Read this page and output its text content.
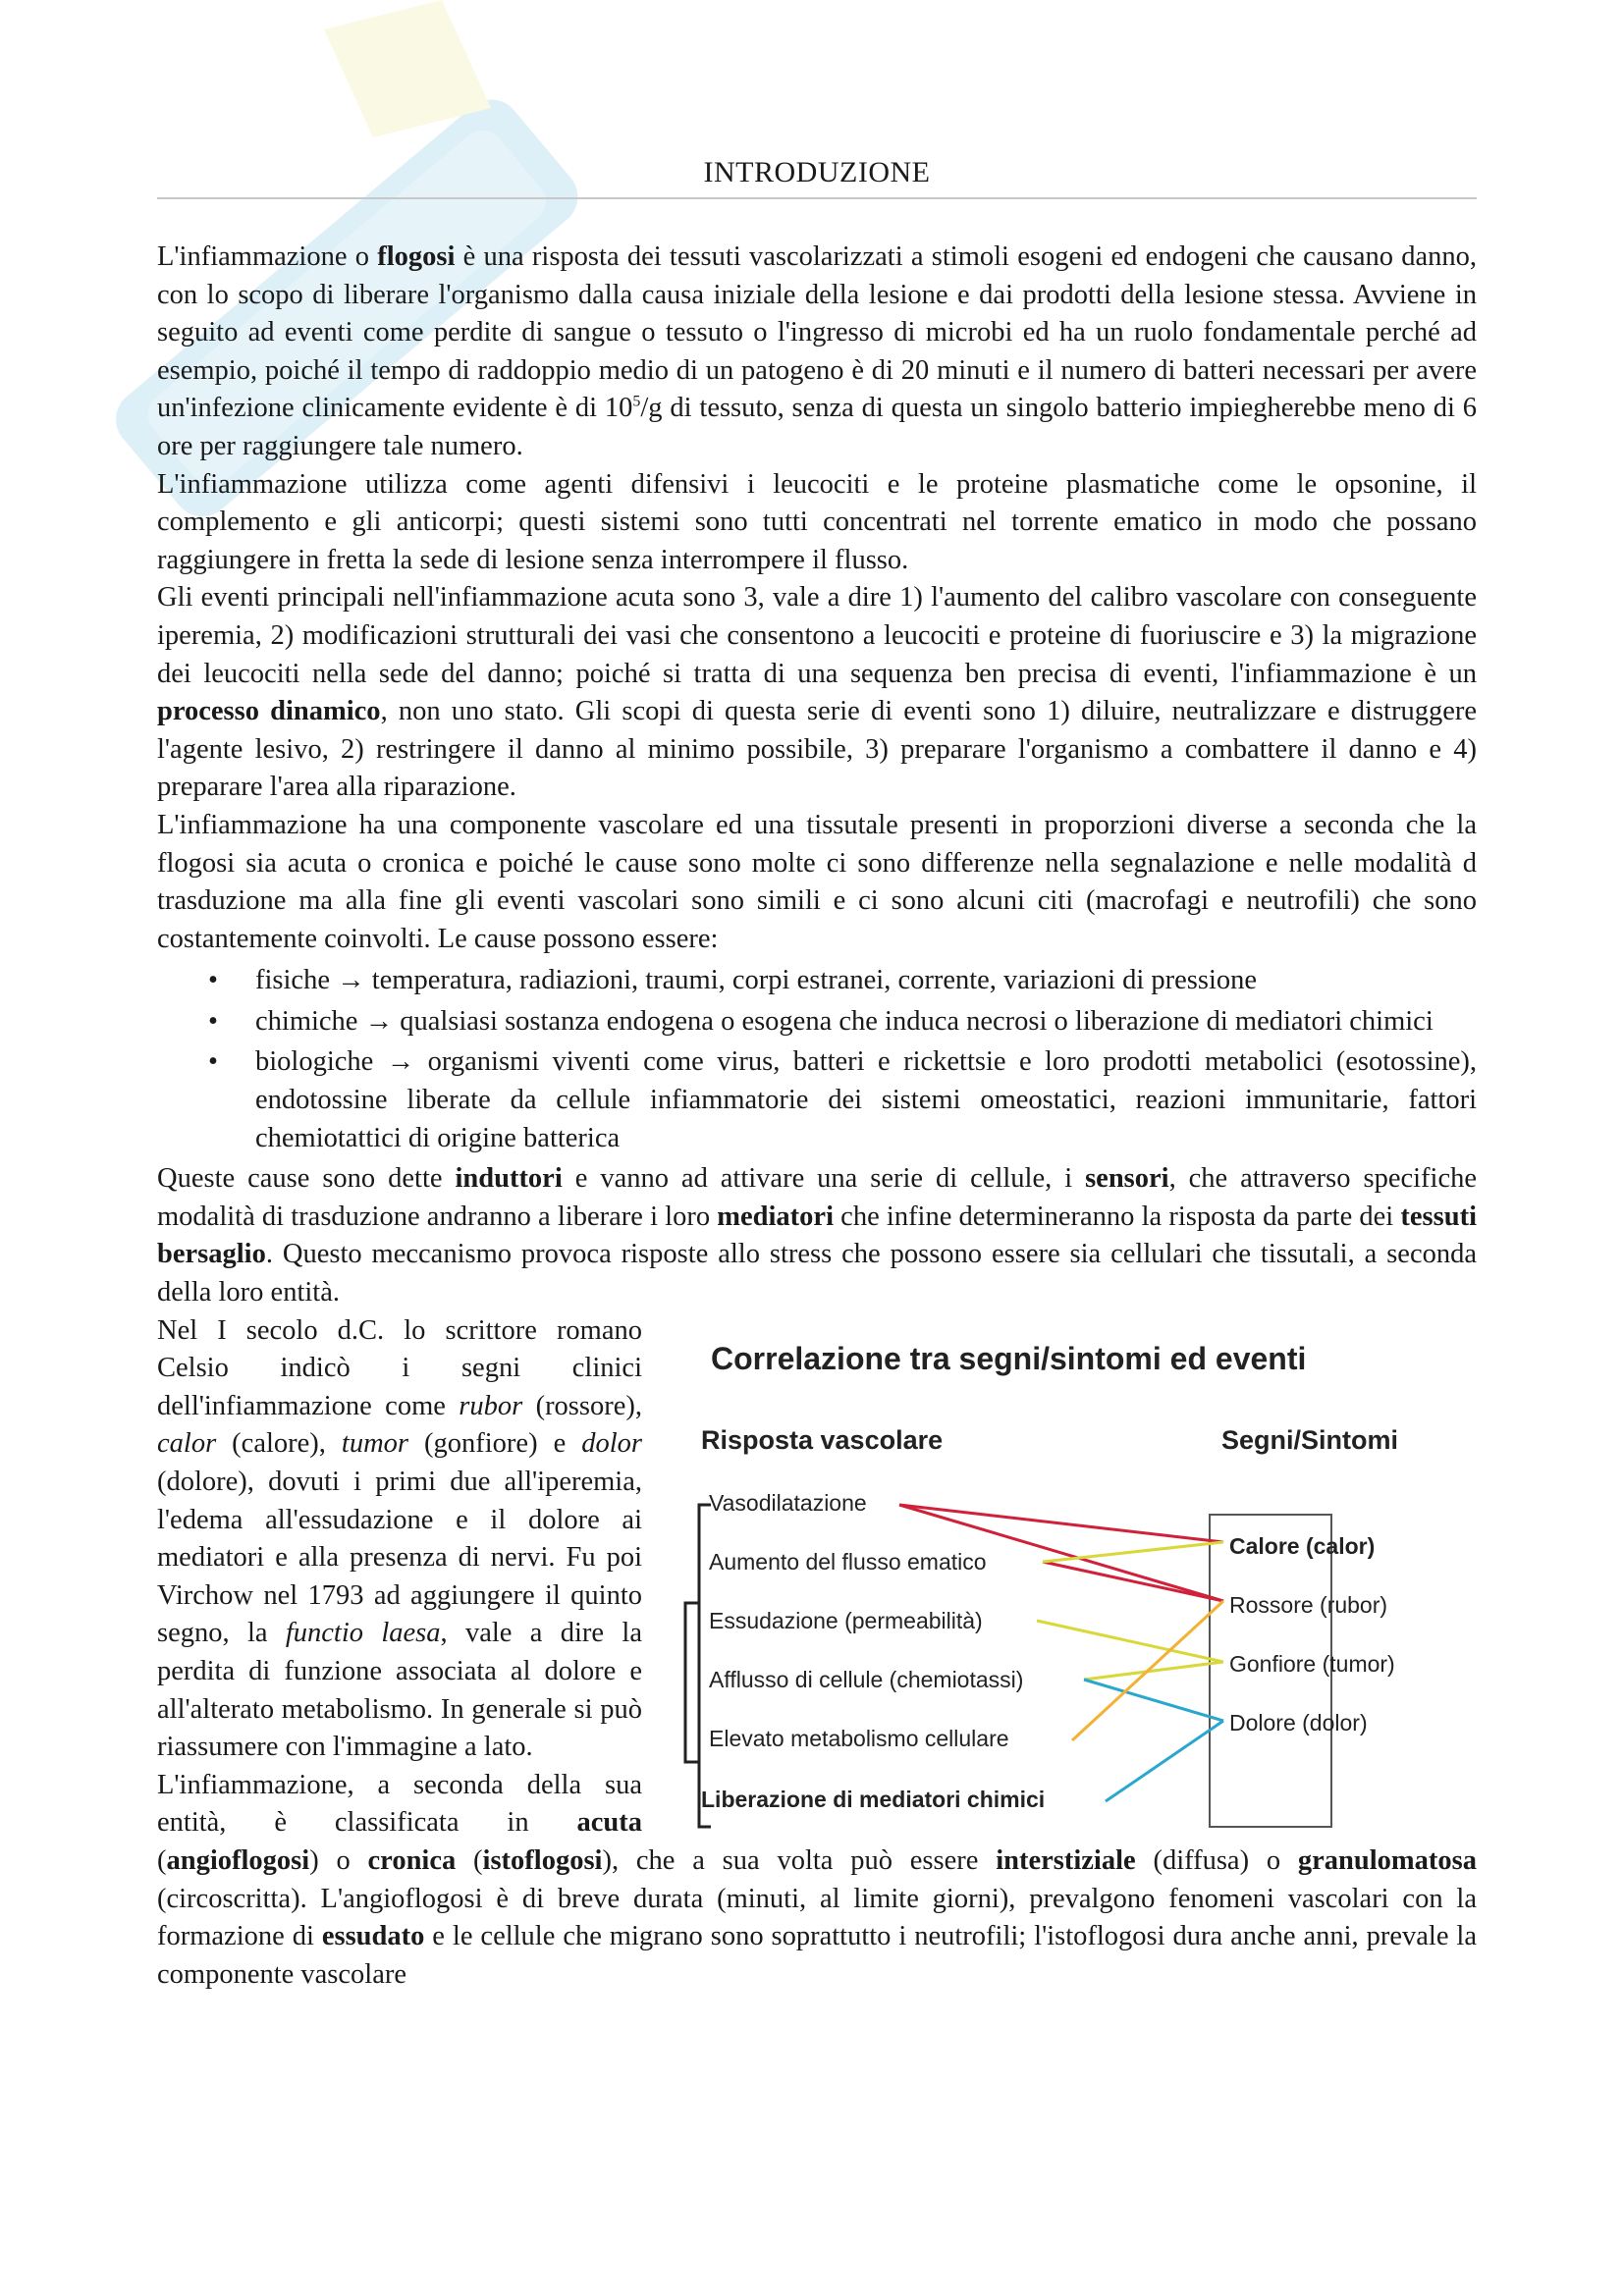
INTRODUZIONE

L'infiammazione o flogosi è una risposta dei tessuti vascolarizzati a stimoli esogeni ed endogeni che causano danno, con lo scopo di liberare l'organismo dalla causa iniziale della lesione e dai prodotti della lesione stessa. Avviene in seguito ad eventi come perdite di sangue o tessuto o l'ingresso di microbi ed ha un ruolo fondamentale perché ad esempio, poiché il tempo di raddoppio medio di un patogeno è di 20 minuti e il numero di batteri necessari per avere un'infezione clinicamente evidente è di $10^5/g$ di tessuto, senza di questa un singolo batterio impiegherebbe meno di 6 ore per raggiungere tale numero.

L'infiammazione utilizza come agenti difensivi i leucociti e le proteine plasmatiche come le opsonine, il complemento e gli anticorpi; questi sistemi sono tutti concentrati nel torrente ematico in modo che possano raggiungere in fretta la sede di lesione senza interrompere il flusso.

Gli eventi principali nell'infiammazione acuta sono 3, vale a dire 1) l'aumento del calibro vascolare con conseguente iperemia, 2) modificazioni strutturali dei vasi che consentono a leucociti e proteine di fuoriuscire e 3) la migrazione dei leucociti nella sede del danno; poiché si tratta di una sequenza ben precisa di eventi, l'infiammazione è un processo dinamico, non uno stato. Gli scopi di questa serie di eventi sono 1) diluire, neutralizzare e distruggere l'agente lesivo, 2) restringere il danno al minimo possibile, 3) preparare l'organismo a combattere il danno e 4) preparare l'area alla riparazione.

L'infiammazione ha una componente vascolare ed una tissutale presenti in proporzioni diverse a seconda che la flogosi sia acuta o cronica e poiché le cause sono molte ci sono differenze nella segnalazione e nelle modalità d trasduzione ma alla fine gli eventi vascolari sono simili e ci sono alcuni citi (macrofagi e neutrofili) che sono costantemente coinvolti. Le cause possono essere:

• fisiche → temperatura, radiazioni, traumi, corpi estranei, corrente, variazioni di pressione
• chimiche → qualsiasi sostanza endogena o esogena che induca necrosi o liberazione di mediatori chimici
• biologiche → organismi viventi come virus, batteri e rickettsie e loro prodotti metabolici (esotossine), endotossine liberate da cellule infiammatorie dei sistemi omeostatici, reazioni immunitarie, fattori chemiotattici di origine batterica

Queste cause sono dette induttori e vanno ad attivare una serie di cellule, i sensori, che attraverso specifiche modalità di trasduzione andranno a liberare i loro mediatori che infine determineranno la risposta da parte dei tessuti bersaglio. Questo meccanismo provoca risposte allo stress che possono essere sia cellulari che tissutali, a seconda della loro entità.

Correlazione tra segni/sintomi ed eventi
Risposta vascolare	Segni/Sintomi
Vasodilatazione
Aumento del flusso ematico
Essudazione (permeabilità)
Afflusso di cellule (chemiotassi)
Elevato metabolismo cellulare
Liberazione di mediatori chimici
Calore (calor)
Rossore (rubor)
Gonfiore (tumor)
Dolore (dolor)

Nel I secolo d.C. lo scrittore romano Celsio indicò i segni clinici dell'infiammazione come rubor (rossore), calor (calore), tumor (gonfiore) e dolor (dolore), dovuti i primi due all'iperemia, l'edema all'essudazione e il dolore ai mediatori e alla presenza di nervi. Fu poi Virchow nel 1793 ad aggiungere il quinto segno, la functio laesa, vale a dire la perdita di funzione associata al dolore e all'alterato metabolismo. In generale si può riassumere con l'immagine a lato.

L'infiammazione, a seconda della sua entità, è classificata in acuta (angioflogosi) o cronica (istoflogosi), che a sua volta può essere interstiziale (diffusa) o granulomatosa (circoscritta). L'angioflogosi è di breve durata (minuti, al limite giorni), prevalgono fenomeni vascolari con la formazione di essudato e le cellule che migrano sono soprattutto i neutrofili; l'istoflogosi dura anche anni, prevale la componente vascolare
